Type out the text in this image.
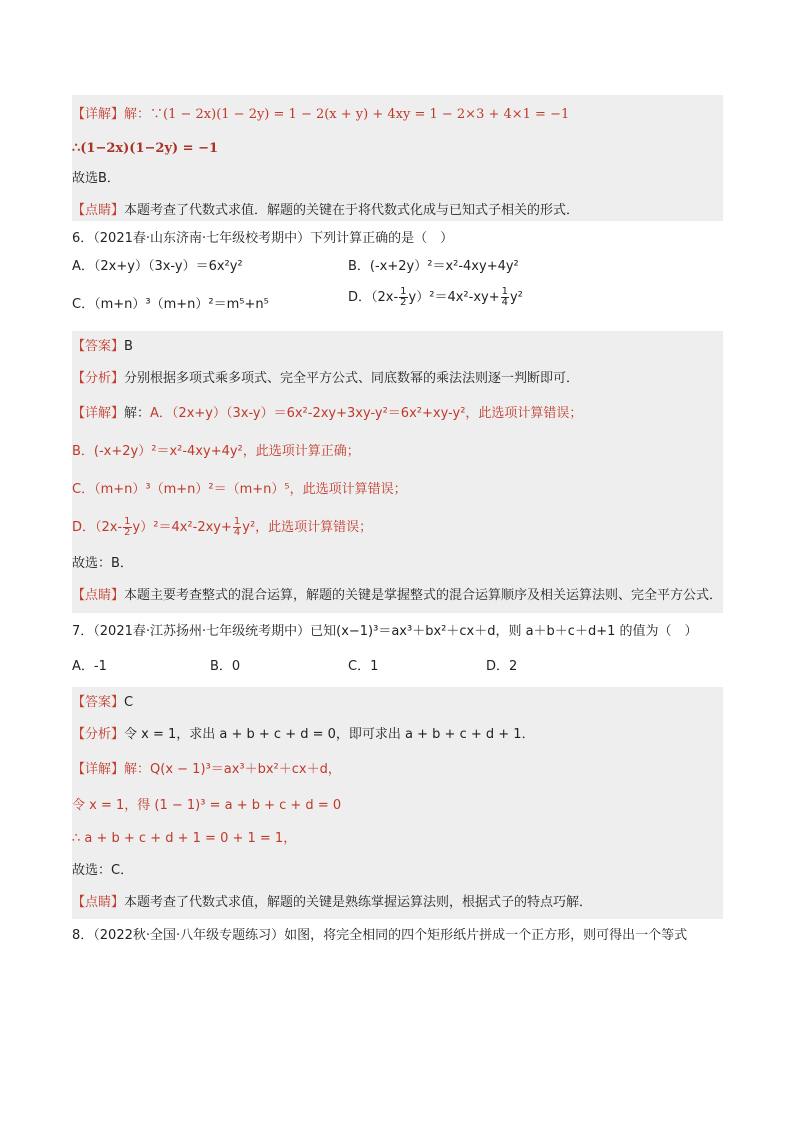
【详解】解：∵(1 − 2x)(1 − 2y) = 1 − 2(x + y) + 4xy = 1 − 2×3 + 4×1 = −1
∴(1−2x)(1−2y) = −1
故选B．
【点睛】本题考查了代数式求值．解题的关键在于将代数式化成与已知式子相关的形式．
6．（2021春·山东济南·七年级校考期中）下列计算正确的是（　）
A．（2x+y）（3x-y）＝6x²y²	B．(-x+2y）²＝x²-4xy+4y²
C．（m+n）³（m+n）²＝m⁵+n⁵	D．$(2x- \frac{1}{2} y)^2=4x^2-xy+ \frac{1}{4} y^2$
【答案】B
【分析】分别根据多项式乘多项式、完全平方公式、同底数幂的乘法法则逐一判断即可．
【详解】解：A．（2x+y）（3x-y）＝6x²-2xy+3xy-y²＝6x²+xy-y²，此选项计算错误；
B．(-x+2y）²＝x²-4xy+4y²，此选项计算正确；
C．（m+n）³（m+n）²＝（m+n）⁵，此选项计算错误；
D．$(2x- \frac{1}{2} y)^2=4x^2-2xy+ \frac{1}{4} y^2$，此选项计算错误；
故选：B．
【点睛】本题主要考查整式的混合运算，解题的关键是掌握整式的混合运算顺序及相关运算法则、完全平方公式．
7．（2021春·江苏扬州·七年级统考期中）已知(x−1)³＝ax³＋bx²＋cx＋d，则 a＋b＋c＋d+1 的值为（　）
A．-1	B．0	C．1	D．2
【答案】C
【分析】令 x = 1，求出 a + b + c + d = 0，即可求出 a + b + c + d + 1．
【详解】解：Q(x − 1)³＝ax³＋bx²＋cx＋d，
令 x = 1，得 (1 − 1)³ = a + b + c + d = 0
∴ a + b + c + d + 1 = 0 + 1 = 1，
故选：C．
【点睛】本题考查了代数式求值，解题的关键是熟练掌握运算法则，根据式子的特点巧解．
8．（2022秋·全国·八年级专题练习）如图，将完全相同的四个矩形纸片拼成一个正方形，则可得出一个等式
